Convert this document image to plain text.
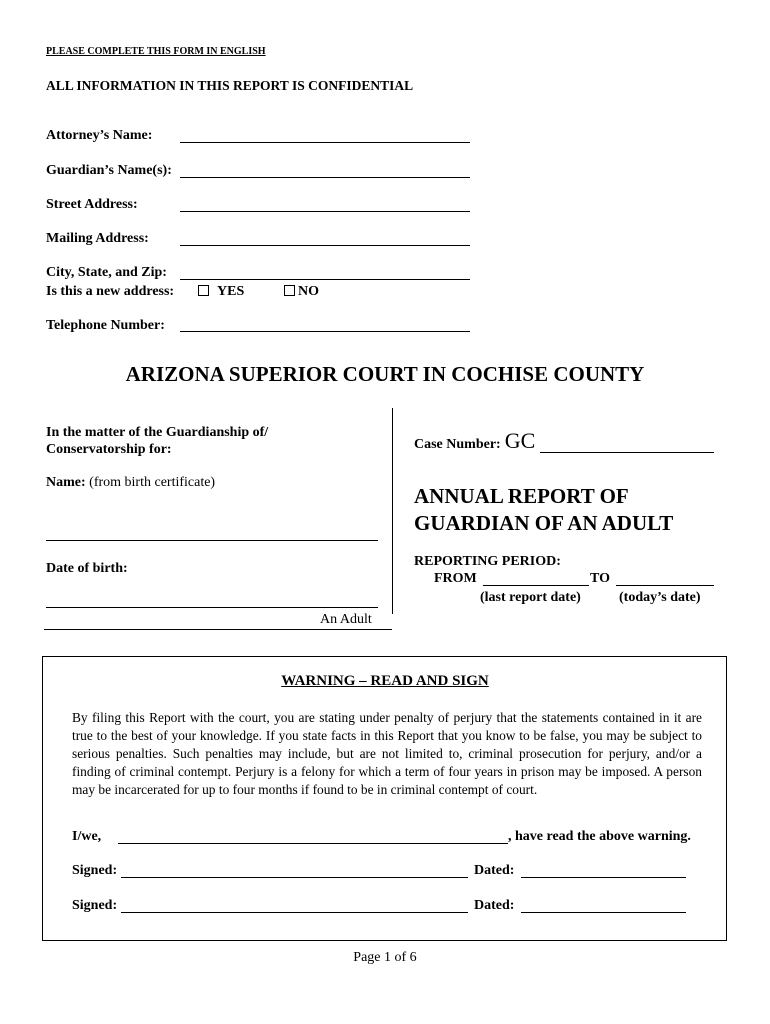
PLEASE COMPLETE THIS FORM IN ENGLISH
ALL INFORMATION IN THIS REPORT IS CONFIDENTIAL
Attorney’s Name:
Guardian’s Name(s):
Street Address:
Mailing Address:
City, State, and Zip:
Is this a new address:	YES	NO
Telephone Number:
ARIZONA SUPERIOR COURT IN COCHISE COUNTY
In the matter of the Guardianship of/
Conservatorship for:
Name: (from birth certificate)
Date of birth:
An Adult
Case Number: GC
ANNUAL REPORT OF
GUARDIAN OF AN ADULT
REPORTING PERIOD:
FROM	TO
(last report date)	(today’s date)
WARNING – READ AND SIGN
By filing this Report with the court, you are stating under penalty of perjury that the statements contained in it are true to the best of your knowledge. If you state facts in this Report that you know to be false, you may be subject to serious penalties. Such penalties may include, but are not limited to, criminal prosecution for perjury, and/or a finding of criminal contempt. Perjury is a felony for which a term of four years in prison may be imposed. A person may be incarcerated for up to four months if found to be in criminal contempt of court.
I/we,	, have read the above warning.
Signed:	Dated:
Signed:	Dated:
Page 1 of 6
